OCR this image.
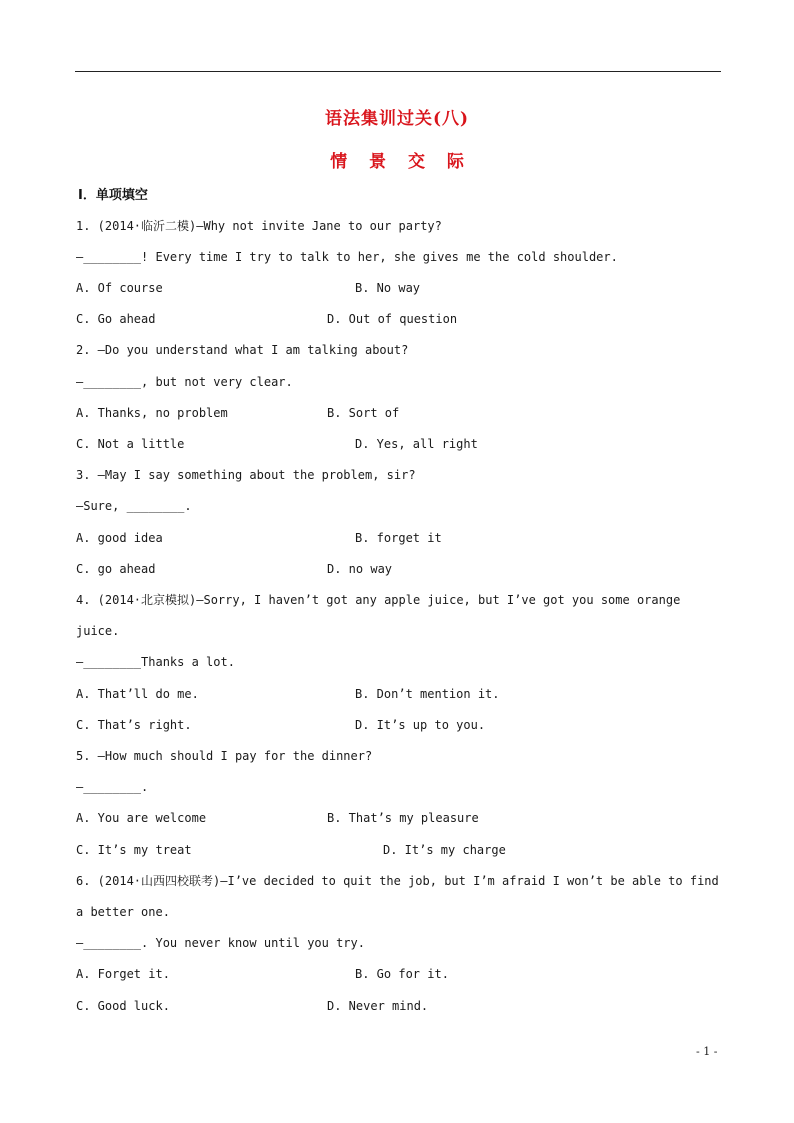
语法集训过关(八)
情 景 交 际
Ⅰ．单项填空
1. (2014·临沂二模)—Why not invite Jane to our party?
—________! Every time I try to talk to her, she gives me the cold shoulder.
A. Of course	B. No way
C. Go ahead	D. Out of question
2. —Do you understand what I am talking about?
—________, but not very clear.
A. Thanks, no problem	B. Sort of
C. Not a little	D. Yes, all right
3. —May I say something about the problem, sir?
—Sure, ________.
A. good idea	B. forget it
C. go ahead	D. no way
4. (2014·北京模拟)—Sorry, I haven’t got any apple juice, but I’ve got you some orange
juice.
—________Thanks a lot.
A. That’ll do me.	B. Don’t mention it.
C. That’s right.	D. It’s up to you.
5. —How much should I pay for the dinner?
—________.
A. You are welcome	B. That’s my pleasure
C. It’s my treat	D. It’s my charge
6. (2014·山西四校联考)—I’ve decided to quit the job, but I’m afraid I won’t be able to find
a better one.
—________. You never know until you try.
A. Forget it.	B. Go for it.
C. Good luck.	D. Never mind.
- 1 -
